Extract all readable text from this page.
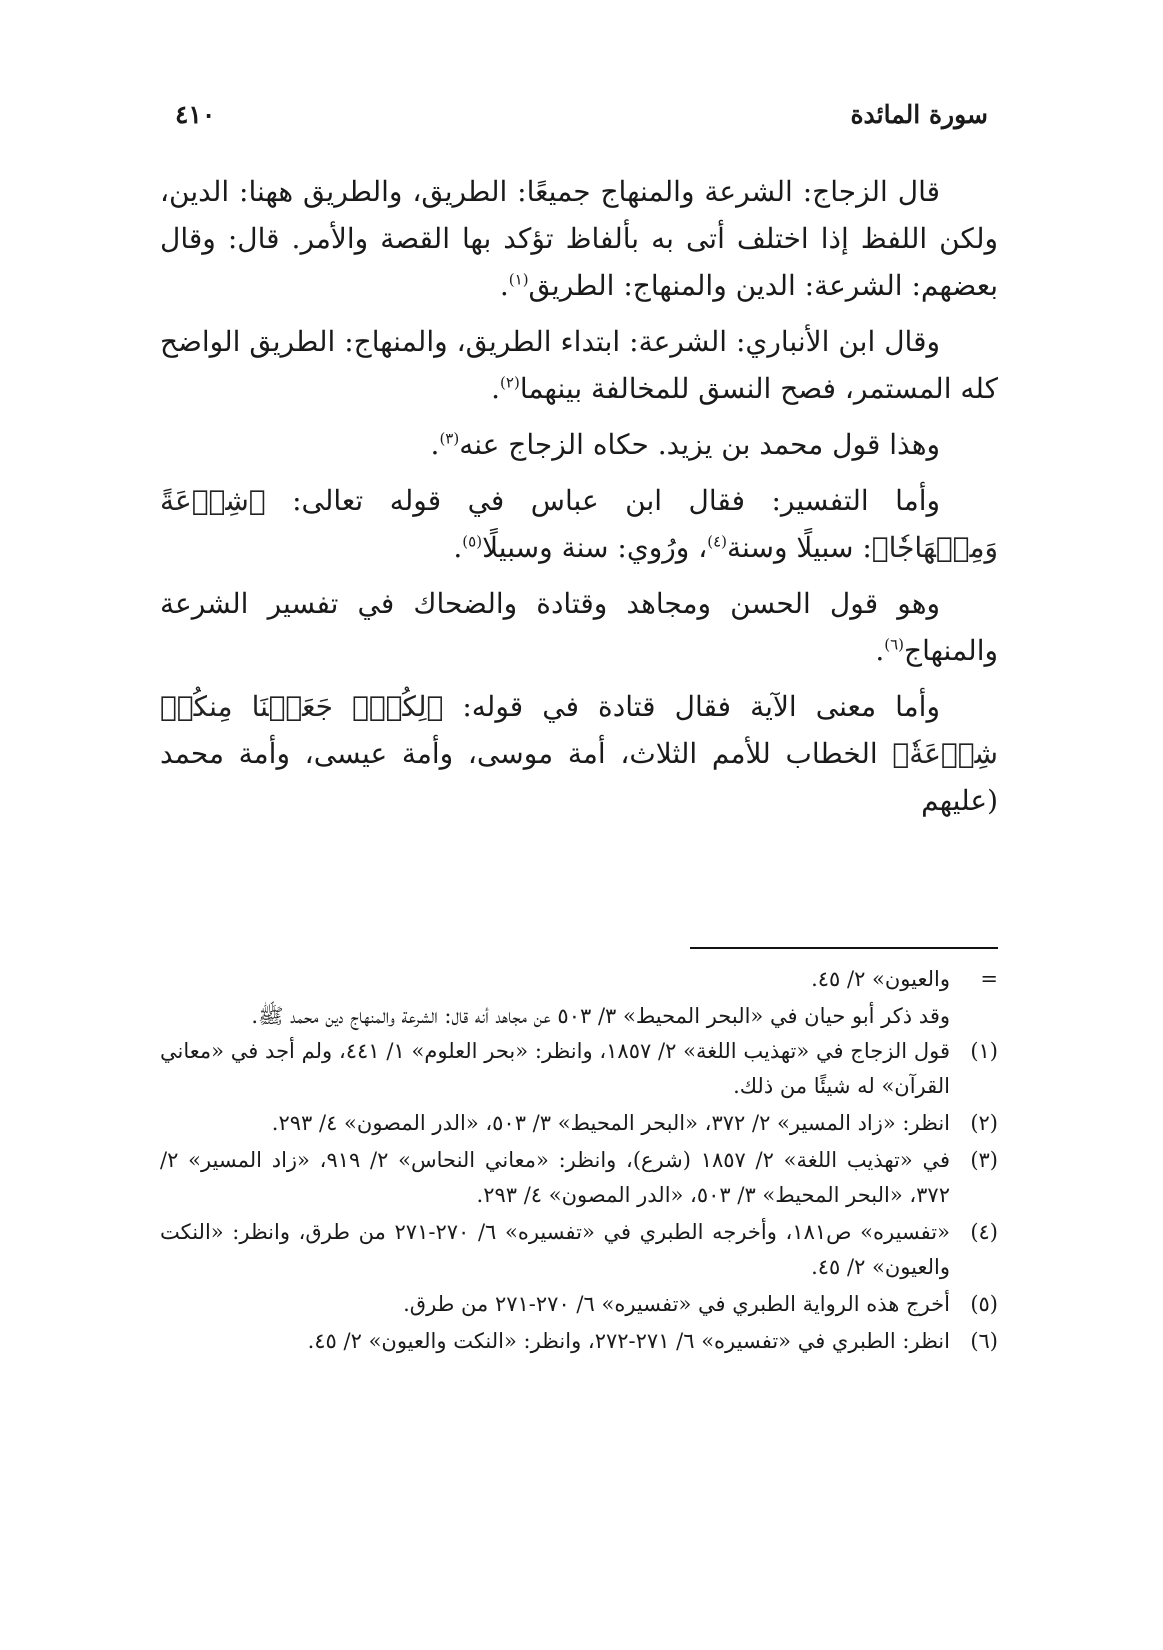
سورة المائدة
٤١٠

قال الزجاج: الشرعة والمنهاج جميعًا: الطريق، والطريق ههنا: الدين، ولكن اللفظ إذا اختلف أتى به بألفاظ تؤكد بها القصة والأمر. قال: وقال بعضهم: الشرعة: الدين والمنهاج: الطريق$^{(١)}$.

وقال ابن الأنباري: الشرعة: ابتداء الطريق، والمنهاج: الطريق الواضح كله المستمر، فصح النسق للمخالفة بينهما$^{(٢)}$.

وهذا قول محمد بن يزيد. حكاه الزجاج عنه$^{(٣)}$.

وأما التفسير: فقال ابن عباس في قوله تعالى: ﴿شِرۡعَةً وَمِنۡهَاجٗا﴾: سبيلًا وسنة$^{(٤)}$، ورُوي: سنة وسبيلًا$^{(٥)}$.

وهو قول الحسن ومجاهد وقتادة والضحاك في تفسير الشرعة والمنهاج$^{(٦)}$.

وأما معنى الآية فقال قتادة في قوله: ﴿لِكُلّٖ جَعَلۡنَا مِنكُمۡ شِرۡعَةٗ﴾ الخطاب للأمم الثلاث، أمة موسى، وأمة عيسى، وأمة محمد (عليهم

=
والعيون» ٢/ ٤٥.
وقد ذكر أبو حيان في «البحر المحيط» ٣/ ٥٠٣ عن مجاهد أنه قال: الشرعة والمنهاج دين محمد ﷺ.
(١)
قول الزجاج في «تهذيب اللغة» ٢/ ١٨٥٧، وانظر: «بحر العلوم» ١/ ٤٤١، ولم أجد في «معاني القرآن» له شيئًا من ذلك.
(٢)
انظر: «زاد المسير» ٢/ ٣٧٢، «البحر المحيط» ٣/ ٥٠٣، «الدر المصون» ٤/ ٢٩٣.
(٣)
في «تهذيب اللغة» ٢/ ١٨٥٧ (شرع)، وانظر: «معاني النحاس» ٢/ ٩١٩، «زاد المسير» ٢/ ٣٧٢، «البحر المحيط» ٣/ ٥٠٣، «الدر المصون» ٤/ ٢٩٣.
(٤)
«تفسيره» ص١٨١، وأخرجه الطبري في «تفسيره» ٦/ ٢٧٠-٢٧١ من طرق، وانظر: «النكت والعيون» ٢/ ٤٥.
(٥)
أخرج هذه الرواية الطبري في «تفسيره» ٦/ ٢٧٠-٢٧١ من طرق.
(٦)
انظر: الطبري في «تفسيره» ٦/ ٢٧١-٢٧٢، وانظر: «النكت والعيون» ٢/ ٤٥.
